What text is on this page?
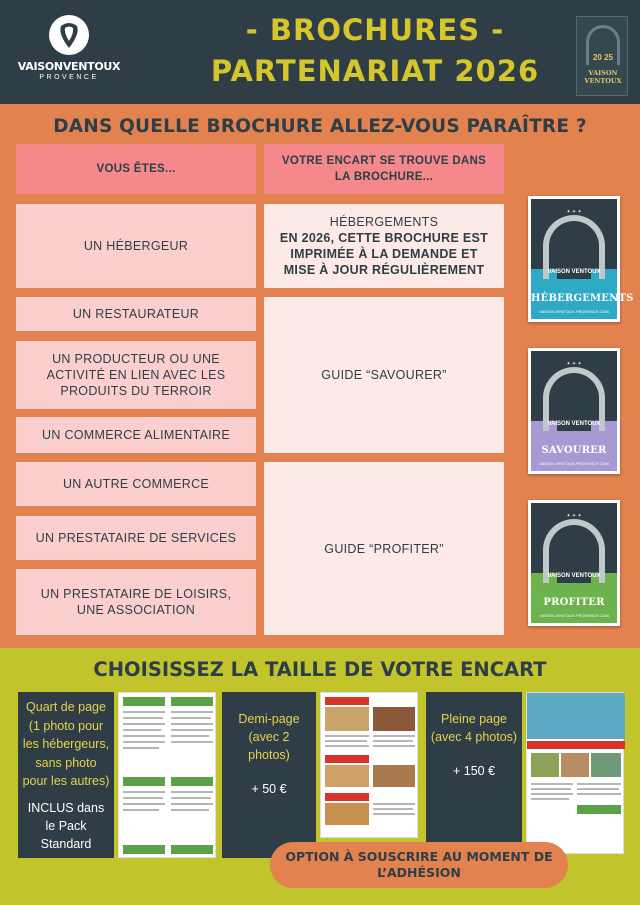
VAISONVENTOUX
PROVENCE
- BROCHURES -
PARTENARIAT 2026	20 25
VAISON VENTOUX
DANS QUELLE BROCHURE ALLEZ-VOUS PARAÎTRE ?
VOUS ÊTES...
VOTRE ENCART SE TROUVE DANS LA BROCHURE...
UN HÉBERGEUR
UN RESTAURATEUR
UN PRODUCTEUR OU UNE ACTIVITÉ EN LIEN AVEC LES PRODUITS DU TERROIR
UN COMMERCE ALIMENTAIRE
UN AUTRE COMMERCE
UN PRESTATAIRE DE SERVICES
UN PRESTATAIRE DE LOISIRS, UNE ASSOCIATION
HÉBERGEMENTS
EN 2026, CETTE BROCHURE EST IMPRIMÉE À LA DEMANDE ET MISE À JOUR RÉGULIÈREMENT
GUIDE “SAVOURER”
GUIDE “PROFITER”
✦ ✦ ✦
VAISON VENTOUX
HÉBERGEMENTS
VAISON-VENTOUX-PROVENCE.COM
✦ ✦ ✦
VAISON VENTOUX
SAVOURER
VAISON-VENTOUX-PROVENCE.COM
✦ ✦ ✦
VAISON VENTOUX
PROFITER
VAISON-VENTOUX-PROVENCE.COM
CHOISISSEZ LA TAILLE DE VOTRE ENCART
Quart de page (1 photo pour les hébergeurs, sans photo pour les autres)
INCLUS dans le Pack Standard
Demi-page (avec 2 photos)
+ 50 €
Pleine page (avec 4 photos)
+ 150 €
OPTION À SOUSCRIRE AU MOMENT DE L’ADHÉSION
